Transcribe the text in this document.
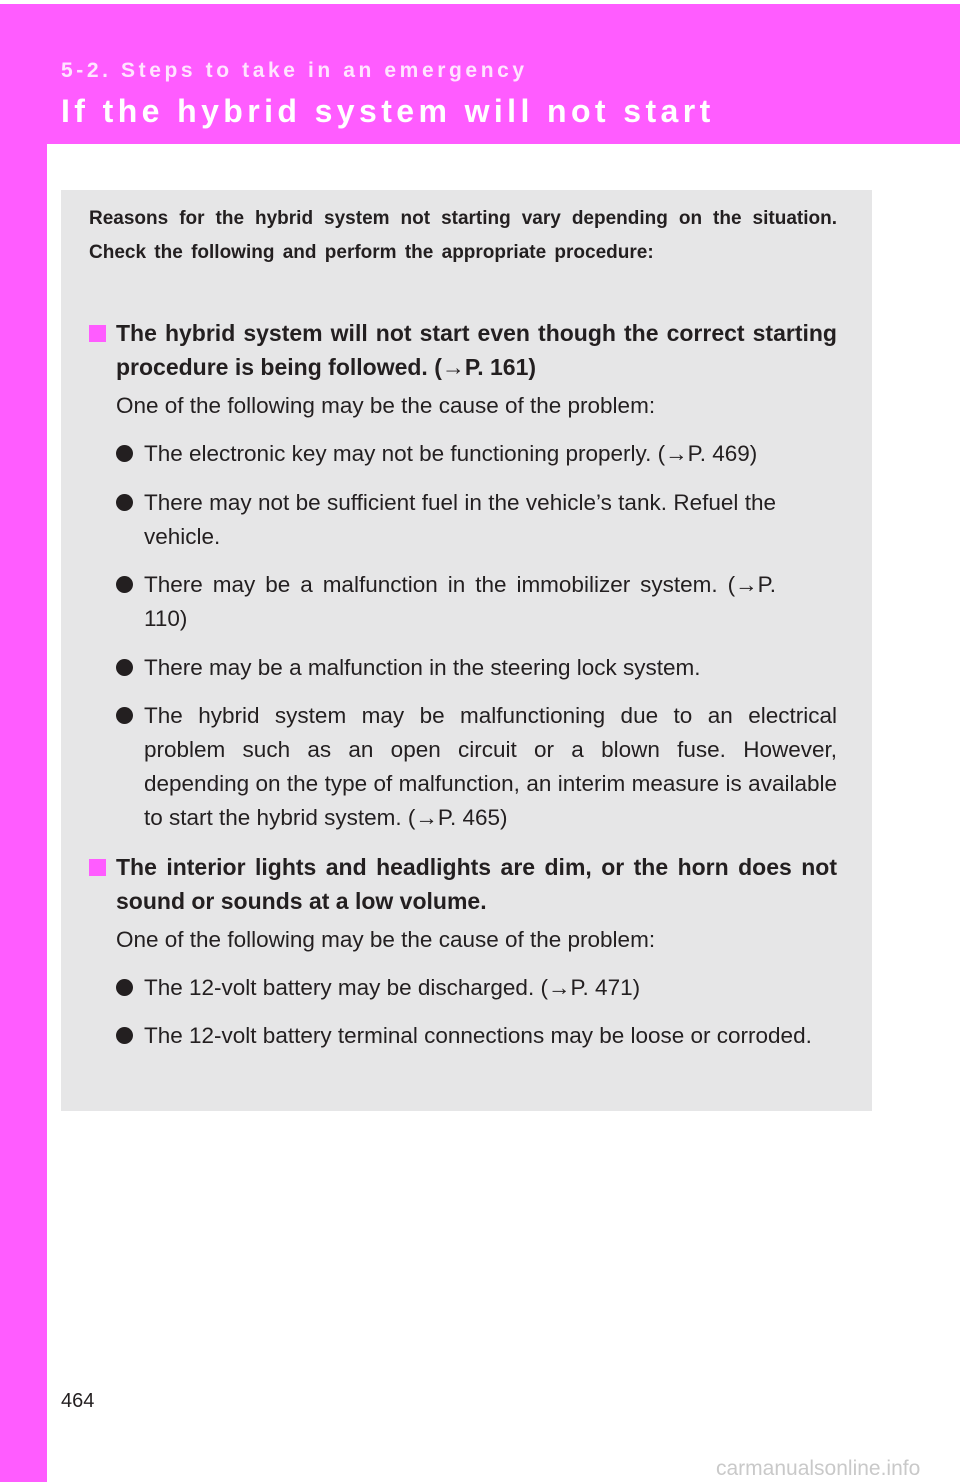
5-2. Steps to take in an emergency
If the hybrid system will not start
Reasons for the hybrid system not starting vary depending on the situation. Check the following and perform the appropriate procedure:
The hybrid system will not start even though the correct starting procedure is being followed. (→P. 161)
One of the following may be the cause of the problem:
The electronic key may not be functioning properly. (→P. 469)
There may not be sufficient fuel in the vehicle’s tank. Refuel the vehicle.
There may be a malfunction in the immobilizer system. (→P. 110)
There may be a malfunction in the steering lock system.
The hybrid system may be malfunctioning due to an electrical problem such as an open circuit or a blown fuse. However, depending on the type of malfunction, an interim measure is available to start the hybrid system. (→P. 465)
The interior lights and headlights are dim, or the horn does not sound or sounds at a low volume.
One of the following may be the cause of the problem:
The 12-volt battery may be discharged. (→P. 471)
The 12-volt battery terminal connections may be loose or corroded.
464
carmanualsonline.info
